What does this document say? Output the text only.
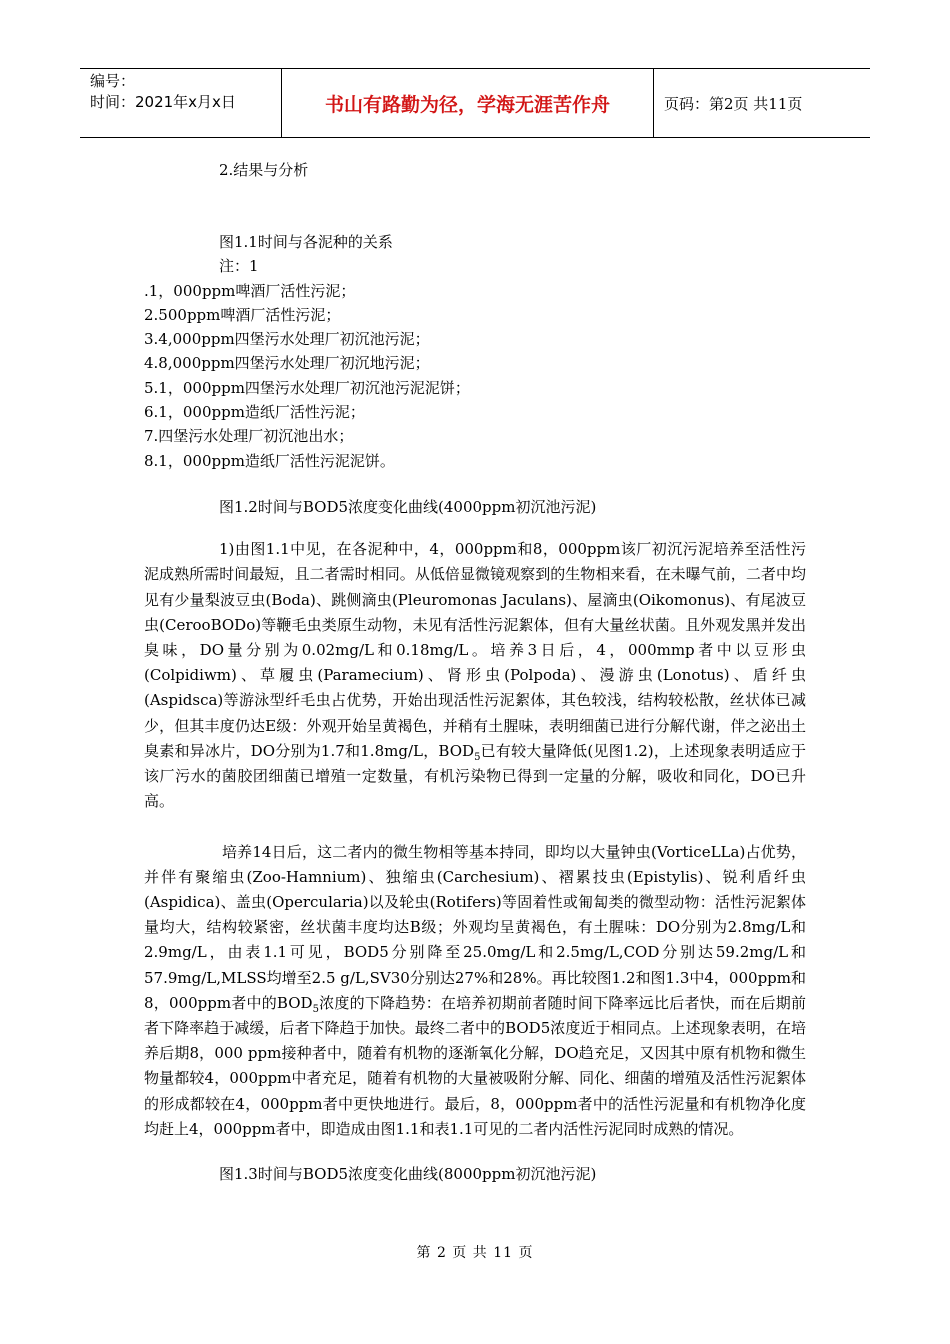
编号：
时间：2021年x月x日	书山有路勤为径，学海无涯苦作舟	页码：第2页 共11页
2.结果与分析
图1.1时间与各泥种的关系
注：1
.1，000ppm啤酒厂活性污泥；
2.500ppm啤酒厂活性污泥；
3.4,000ppm四堡污水处理厂初沉池污泥；
4.8,000ppm四堡污水处理厂初沉地污泥；
5.1，000ppm四堡污水处理厂初沉池污泥泥饼；
6.1，000ppm造纸厂活性污泥；
7.四堡污水处理厂初沉池出水；
8.1，000ppm造纸厂活性污泥泥饼。
图1.2时间与BOD5浓度变化曲线(4000ppm初沉池污泥)

1)由图1.1中见，在各泥种中，4，000ppm和8，000ppm该厂初沉污泥培养至活性污泥成熟所需时间最短，且二者需时相同。从低倍显微镜观察到的生物相来看，在未曝气前，二者中均见有少量梨波豆虫(Boda)、跳侧滴虫(Pleuromonas Jaculans)、屋滴虫(Oikomonus)、有尾波豆虫(CerooBODo)等鞭毛虫类原生动物，未见有活性污泥絮体，但有大量丝状菌。且外观发黑并发出臭味，DO量分别为0.02mg/L和0.18mg/L。培养3日后，4，000mmp者中以豆形虫(Colpidiwm)、草履虫(Paramecium)、肾形虫(Polpoda)、漫游虫(Lonotus)、盾纤虫(Aspidsca)等游泳型纤毛虫占优势，开始出现活性污泥絮体，其色较浅，结构较松散，丝状体已减少，但其丰度仍达E级：外观开始呈黄褐色，并稍有土腥味，表明细菌已进行分解代谢，伴之泌出土臭素和异冰片，DO分别为1.7和1.8mg/L，$BOD_5$已有较大量降低(见图1.2)，上述现象表明适应于该厂污水的菌胶团细菌已增殖一定数量，有机污染物已得到一定量的分解，吸收和同化，DO已升高。

培养14日后，这二者内的微生物相等基本持同，即均以大量钟虫(VorticeLLa)占优势，并伴有聚缩虫(Zoo-Hamnium)、独缩虫(Carchesium)、褶累技虫(Epistylis)、锐利盾纤虫(Aspidica)、盖虫(Opercularia)以及轮虫(Rotifers)等固着性或匍匐类的微型动物：活性污泥絮体量均大，结构较紧密，丝状菌丰度均达B级；外观均呈黄褐色，有土腥味：DO分别为2.8mg/L和2.9mg/L，由表1.1可见，BOD5分别降至25.0mg/L和2.5mg/L,COD分别达59.2mg/L和57.9mg/L,MLSS均增至2.5 g/L,SV30分别达27%和28%。再比较图1.2和图1.3中4，000ppm和8，000ppm者中的$BOD_5$浓度的下降趋势：在培养初期前者随时间下降率远比后者快，而在后期前者下降率趋于减缓，后者下降趋于加快。最终二者中的BOD5浓度近于相同点。上述现象表明，在培养后期8，000 ppm接种者中，随着有机物的逐渐氧化分解，DO趋充足，又因其中原有机物和微生物量都较4，000ppm中者充足，随着有机物的大量被吸附分解、同化、细菌的增殖及活性污泥絮体的形成都较在4，000ppm者中更快地进行。最后，8，000ppm者中的活性污泥量和有机物净化度均赶上4，000ppm者中，即造成由图1.1和表1.1可见的二者内活性污泥同时成熟的情况。

图1.3时间与BOD5浓度变化曲线(8000ppm初沉池污泥)
第 2 页 共 11 页
